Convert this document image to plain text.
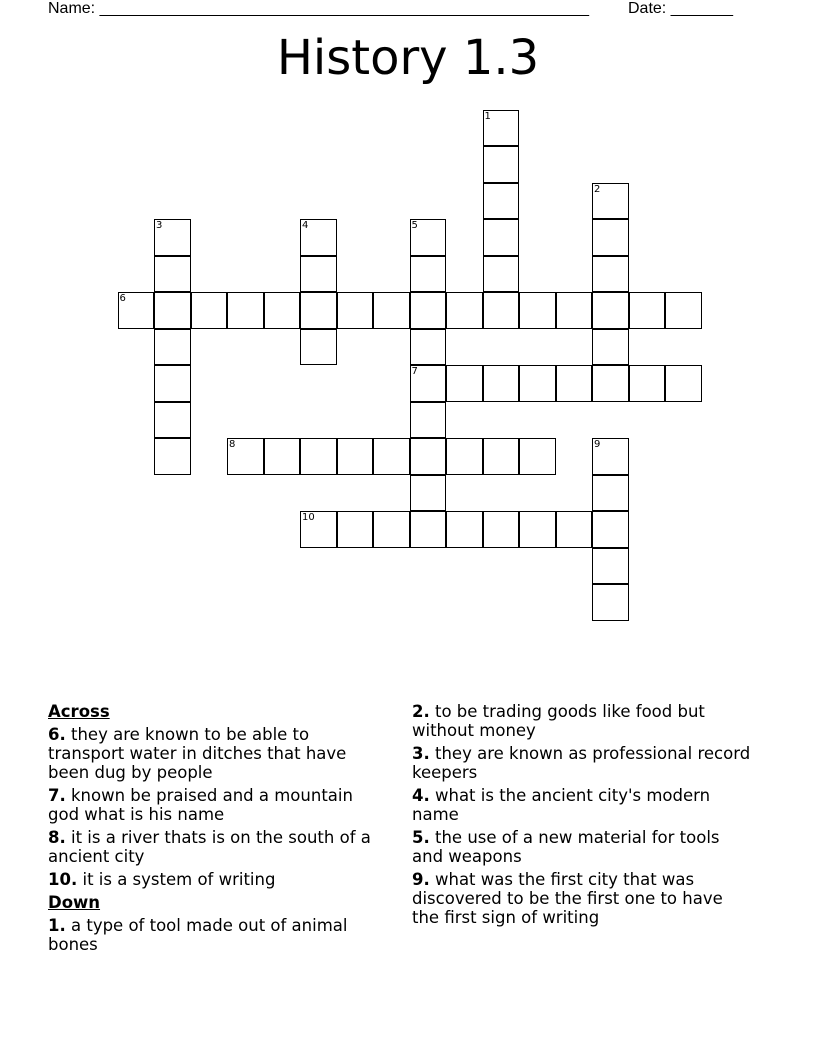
Name: _______________________________________________________ Date: _______
History 1.3
1
2
3	4	5
7
6
8	9
10
Across
6. they are known to be able to transport water in ditches that have been dug by people
7. known be praised and a mountain god what is his name
8. it is a river thats is on the south of a ancient city
10. it is a system of writing
Down
1. a type of tool made out of animal bones
2. to be trading goods like food but without money
3. they are known as professional record keepers
4. what is the ancient city's modern name
5. the use of a new material for tools and weapons
9. what was the first city that was discovered to be the first one to have the first sign of writing
